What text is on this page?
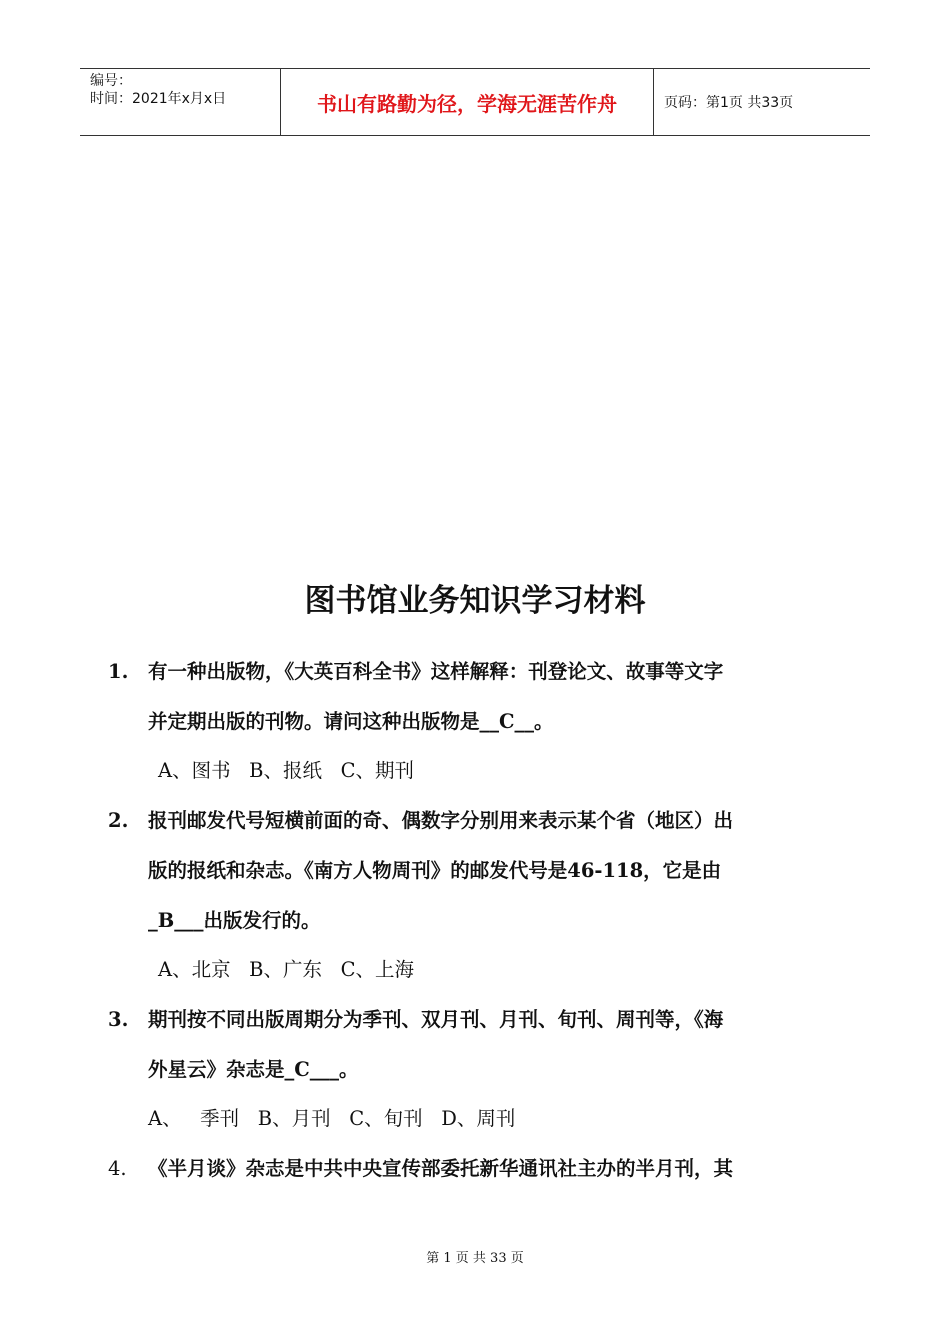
编号：
时间：2021年x月x日	书山有路勤为径，学海无涯苦作舟	页码：第1页 共33页
图书馆业务知识学习材料
1.	有一种出版物，《大英百科全书》这样解释：刊登论文、故事等文字
并定期出版的刊物。请问这种出版物是__C__。
A、图书   B、报纸   C、期刊
2.	报刊邮发代号短横前面的奇、偶数字分别用来表示某个省（地区）出
版的报纸和杂志。《南方人物周刊》的邮发代号是46-118，它是由
_B___出版发行的。
A、北京   B、广东   C、上海
3.	期刊按不同出版周期分为季刊、双月刊、月刊、旬刊、周刊等，《海
外星云》杂志是_C___。
A、   季刊   B、月刊   C、旬刊   D、周刊
4.	《半月谈》杂志是中共中央宣传部委托新华通讯社主办的半月刊，其
第 1 页 共 33 页
